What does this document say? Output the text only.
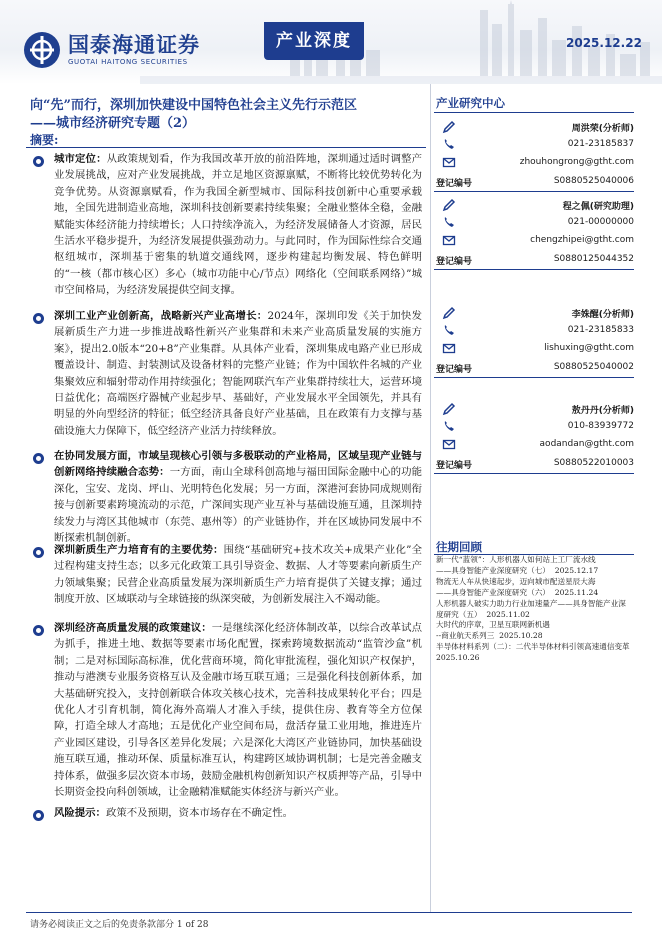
国泰海通证券
GUOTAI HAITONG SECURITIES
产业深度	2025.12.22
向“先”而行，深圳加快建设中国特色社会主义先行示范区
——城市经济研究专题（2）
摘要:

城市定位：从政策规划看，作为我国改革开放的前沿阵地，深圳通过适时调整产业发展挑战，应对产业发展挑战，并立足地区资源禀赋，不断将比较优势转化为竞争优势。从资源禀赋看，作为我国全新型城市、国际科技创新中心重要承载地，全国先进制造业高地，深圳科技创新要素持续集聚；全融业整体全稳，金融赋能实体经济能力持续增长；人口持续净流入，为经济发展储备人才资源，居民生活水平稳步提升，为经济发展提供强劲动力。与此同时，作为国际性综合交通枢纽城市，深圳基于密集的轨道交通线网，逐步构建起均衡发展、特色鲜明的“一核（都市核心区）多心（城市功能中心/节点）网络化（空间联系网络）”城市空间格局，为经济发展提供空间支撑。

深圳工业产业创新高，战略新兴产业高增长：2024年，深圳印发《关于加快发展新质生产力进一步推进战略性新兴产业集群和未来产业高质量发展的实施方案》，提出2.0版本“20+8”产业集群。从具体产业看，深圳集成电路产业已形成覆盖设计、制造、封装测试及设备材料的完整产业链；作为中国软件名城的产业集聚效应和辐射带动作用持续强化；智能网联汽车产业集群持续壮大，运营环境日益优化；高端医疗器械产业起步早、基础好，产业发展水平全国领先，并具有明显的外向型经济的特征；低空经济具备良好产业基础，且在政策有力支撑与基础设施大力保障下，低空经济产业活力持续释放。

在协同发展方面，市域呈现核心引领与多极联动的产业格局，区域呈现产业链与创新网络持续融合态势：一方面，南山全球科创高地与福田国际金融中心的功能深化，宝安、龙岗、坪山、光明特色化发展；另一方面，深港河套协同成规则衔接与创新要素跨境流动的示范，广深间实现产业互补与基础设施互通，且深圳持续发力与湾区其他城市（东莞、惠州等）的产业链协作，并在区域协同发展中不断探索机制创新。

深圳新质生产力培育有的主要优势：围绕“基础研究+技术攻关+成果产业化”全过程构建支持生态；以多元化政策工具引导资金、数据、人才等要素向新质生产力领域集聚；民营企业高质量发展为深圳新质生产力培育提供了关键支撑；通过制度开放、区域联动与全球链接的纵深突破，为创新发展注入不竭动能。

深圳经济高质量发展的政策建议：一是继续深化经济体制改革，以综合改革试点为抓手，推进土地、数据等要素市场化配置，探索跨境数据流动“监管沙盒”机制；二是对标国际高标准，优化营商环境，简化审批流程，强化知识产权保护，推动与港澳专业服务资格互认及金融市场互联互通；三是强化科技创新体系，加大基础研究投入，支持创新联合体攻关核心技术，完善科技成果转化平台；四是优化人才引育机制，简化海外高端人才准入手续，提供住房、教育等全方位保障，打造全球人才高地；五是优化产业空间布局，盘活存量工业用地，推进连片产业园区建设，引导各区差异化发展；六是深化大湾区产业链协同，加快基础设施互联互通，推动环保、质量标准互认，构建跨区域协调机制；七是完善金融支持体系，做强多层次资本市场，鼓励金融机构创新知识产权质押等产品，引导中长期资金投向科创领域，让金融精准赋能实体经济与新兴产业。

风险提示：政策不及预期，资本市场存在不确定性。

产业研究中心
周洪荣(分析师)
021-23185837
zhouhongrong@gtht.com
登记编号	S0880525040006
程之佩(研究助理)
021-00000000
chengzhipei@gtht.com
登记编号	S0880125044352
李姝醒(分析师)
021-23185833
lishuxing@gtht.com
登记编号	S0880525040002
敖丹丹(分析师)
010-83939772
aodandan@gtht.com
登记编号	S0880522010003
往期回顾
新一代“蓝领”：人形机器人如何站上工厂流水线
——具身智能产业深度研究（七）  2025.12.17
物流无人车从快速起步，迈向城市配送星辰大海
——具身智能产业深度研究（六）  2025.11.24
人形机器人破实力助力行业加速量产——具身智能产业深度研究（五）  2025.11.02
大时代的序章，卫星互联网新机遇
--商业航天系列三  2025.10.28
半导体材料系列（二）：二代半导体材料引领高速通信变革  2025.10.26
请务必阅读正文之后的免责条款部分 1 of 28
